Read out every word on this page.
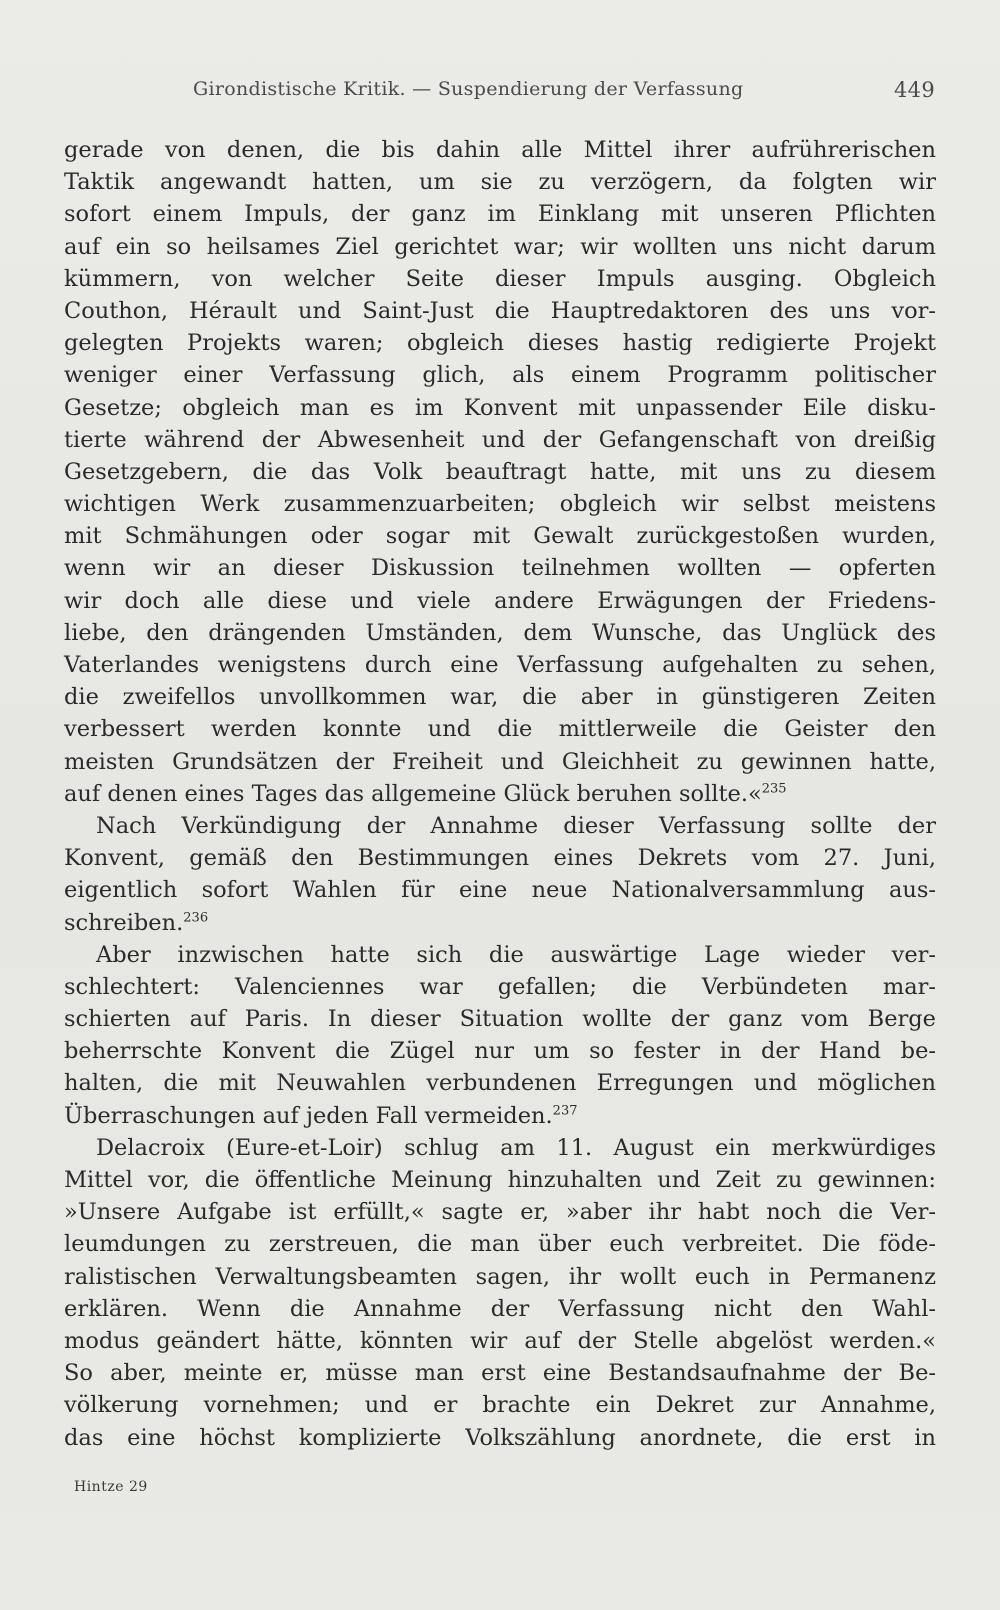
Girondistische Kritik. — Suspendierung der Verfassung	449
gerade von denen, die bis dahin alle Mittel ihrer aufrührerischen
Taktik angewandt hatten, um sie zu verzögern, da folgten wir
sofort einem Impuls, der ganz im Einklang mit unseren Pflichten
auf ein so heilsames Ziel gerichtet war; wir wollten uns nicht darum
kümmern, von welcher Seite dieser Impuls ausging. Obgleich
Couthon, Hérault und Saint-Just die Hauptredaktoren des uns vor-
gelegten Projekts waren; obgleich dieses hastig redigierte Projekt
weniger einer Verfassung glich, als einem Programm politischer
Gesetze; obgleich man es im Konvent mit unpassender Eile disku-
tierte während der Abwesenheit und der Gefangenschaft von dreißig
Gesetzgebern, die das Volk beauftragt hatte, mit uns zu diesem
wichtigen Werk zusammenzuarbeiten; obgleich wir selbst meistens
mit Schmähungen oder sogar mit Gewalt zurückgestoßen wurden,
wenn wir an dieser Diskussion teilnehmen wollten — opferten
wir doch alle diese und viele andere Erwägungen der Friedens-
liebe, den drängenden Umständen, dem Wunsche, das Unglück des
Vaterlandes wenigstens durch eine Verfassung aufgehalten zu sehen,
die zweifellos unvollkommen war, die aber in günstigeren Zeiten
verbessert werden konnte und die mittlerweile die Geister den
meisten Grundsätzen der Freiheit und Gleichheit zu gewinnen hatte,
auf denen eines Tages das allgemeine Glück beruhen sollte.«$^{235}$
Nach Verkündigung der Annahme dieser Verfassung sollte der
Konvent, gemäß den Bestimmungen eines Dekrets vom 27. Juni,
eigentlich sofort Wahlen für eine neue Nationalversammlung aus-
schreiben.$^{236}$
Aber inzwischen hatte sich die auswärtige Lage wieder ver-
schlechtert: Valenciennes war gefallen; die Verbündeten mar-
schierten auf Paris. In dieser Situation wollte der ganz vom Berge
beherrschte Konvent die Zügel nur um so fester in der Hand be-
halten, die mit Neuwahlen verbundenen Erregungen und möglichen
Überraschungen auf jeden Fall vermeiden.$^{237}$
Delacroix (Eure-et-Loir) schlug am 11. August ein merkwürdiges
Mittel vor, die öffentliche Meinung hinzuhalten und Zeit zu gewinnen:
»Unsere Aufgabe ist erfüllt,« sagte er, »aber ihr habt noch die Ver-
leumdungen zu zerstreuen, die man über euch verbreitet. Die föde-
ralistischen Verwaltungsbeamten sagen, ihr wollt euch in Permanenz
erklären. Wenn die Annahme der Verfassung nicht den Wahl-
modus geändert hätte, könnten wir auf der Stelle abgelöst werden.«
So aber, meinte er, müsse man erst eine Bestandsaufnahme der Be-
völkerung vornehmen; und er brachte ein Dekret zur Annahme,
das eine höchst komplizierte Volkszählung anordnete, die erst in
Hintze 29
